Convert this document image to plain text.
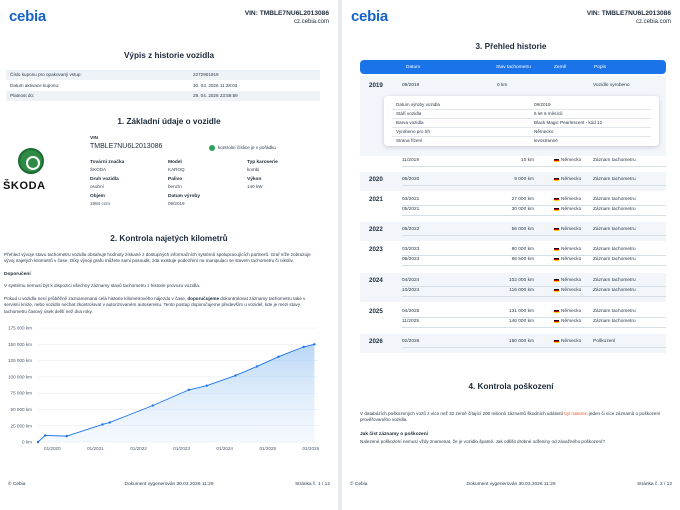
cebia	VIN: TMBLE7NU6L2013086
cz.cebia.com
Výpis z historie vozidla
Číslo kuponu pro opakovaný vstup:	2272901919
Datum aktivace kuponu:	30. 03. 2026 11:28:03
Platnost do:	29. 04. 2026 23:59:59
1. Základní údaje o vozidle
ŠKODA
VIN
TMBLE7NU6L2013086	kontrolní číslice je v pořádku
Tovární značka
ŠKODA
Model
KAROQ
Typ karoserie
kombi
Druh vozidla
osobní
Palivo
benzín
Výkon
140 kW
Objem
1984 ccm
Datum výroby
09/2019
2. Kontrola najetých kilometrů
Přehled vývoje stavu tachometru vozidla obsahuje hodnoty získané z dostupných informačních systémů spolupracujících partnerů. Graf níže zobrazuje vývoj najetých kilometrů v čase. Díky vývoji grafu můžete sami posoudit, zda existuje podezření na manipulaci se stavem tachometru či nikoliv.
Doporučení
V systému nemusí být k dispozici všechny záznamy stavů tachometru z historie provozu vozidla.
Pokud u vozidla není průběžně zaznamenaná celá historie kilometrového nájezdu v čase, doporučujeme dokontrolovat záznamy tachometru také v servisní knize, nebo vozidlo nechat zkontrolovat v autorizovaném autoservisu. Tento postup doporučujeme především u vozidel, kde je mezi stavy tachometru časový úsek delší než dva roky.
0 km
25 000 km
50 000 km
75 000 km
100 000 km
125 000 km
150 000 km
175 000 km
01/2020	01/2021	01/2022	01/2023	01/2024	01/2025	01/2026
© Cebia	Dokument vygenerován 30.03.2026 11:29	Stránka č. 1 / 12
cebia	VIN: TMBLE7NU6L2013086
cz.cebia.com
3. Přehled historie
Datum	Stav tachometru	Země	Popis
2019	09/2019	0 km	Vozidlo vyrobeno
Datum výroby vozidla	09/2019
Stáří vozidla	6 let 6 měsíců
Barva vozidla	Black Magic Pearlescent - kód 12
Vyrobeno pro trh	Německo
Strana řízení	levostranné
11/2019	10 km	Německo Záznam tachometru
2020	05/2020	9 000 km	Německo Záznam tachometru
2021	03/2021	27 000 km	Německo Záznam tachometru
05/2021	30 000 km	Německo Záznam tachometru
2022	05/2022	56 000 km	Německo Záznam tachometru
2023	03/2023	80 000 km	Německo Záznam tachometru
08/2023	86 500 km	Německo Záznam tachometru
2024	04/2024	102 000 km	Německo Záznam tachometru
10/2024	116 000 km	Německo Záznam tachometru
2025	04/2025	131 000 km	Německo Záznam tachometru
11/2025	146 000 km	Německo Záznam tachometru
2026	02/2026	150 000 km	Německo Poškození
4. Kontrola poškození
V databázích poškozených vozů z více než 32 země čítající 200 milionů záznamů škodních událostí byl nalezen jeden či více záznamů o poškození prověřovaného vozidla.
Jak číst záznamy o poškození
Nalezené poškození nemusí vždy znamenat, že je vozidlo špatné. Jak odlišit drobné odřeniny od závažného poškození?
© Cebia	Dokument vygenerován 30.03.2026 11:29	Stránka č. 2 / 12
